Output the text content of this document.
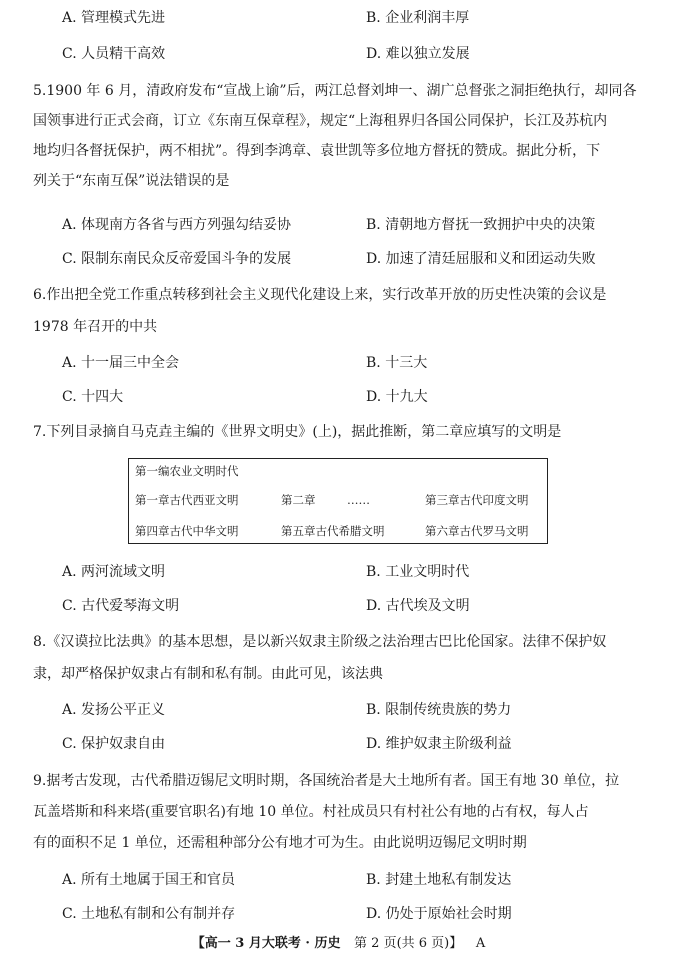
A. 管理模式先进	B. 企业利润丰厚
C. 人员精干高效	D. 难以独立发展
5.1900 年 6 月，清政府发布“宣战上谕”后，两江总督刘坤一、湖广总督张之洞拒绝执行，却同各
国领事进行正式会商，订立《东南互保章程》，规定“上海租界归各国公同保护，长江及苏杭内
地均归各督抚保护，两不相扰”。得到李鸿章、袁世凯等多位地方督抚的赞成。据此分析，下
列关于“东南互保”说法错误的是
A. 体现南方各省与西方列强勾结妥协	B. 清朝地方督抚一致拥护中央的决策
C. 限制东南民众反帝爱国斗争的发展	D. 加速了清廷屈服和义和团运动失败
6.作出把全党工作重点转移到社会主义现代化建设上来，实行改革开放的历史性决策的会议是
1978 年召开的中共
A. 十一届三中全会	B. 十三大
C. 十四大	D. 十九大
7.下列目录摘自马克垚主编的《世界文明史》(上)，据此推断，第二章应填写的文明是
第一编农业文明时代
第一章古代西亚文明	第二章	……	第三章古代印度文明
第四章古代中华文明	第五章古代希腊文明	第六章古代罗马文明
A. 两河流域文明	B. 工业文明时代
C. 古代爱琴海文明	D. 古代埃及文明
8.《汉谟拉比法典》的基本思想，是以新兴奴隶主阶级之法治理古巴比伦国家。法律不保护奴
隶，却严格保护奴隶占有制和私有制。由此可见，该法典
A. 发扬公平正义	B. 限制传统贵族的势力
C. 保护奴隶自由	D. 维护奴隶主阶级利益
9.据考古发现，古代希腊迈锡尼文明时期，各国统治者是大土地所有者。国王有地 30 单位，拉
瓦盖塔斯和科来塔(重要官职名)有地 10 单位。村社成员只有村社公有地的占有权，每人占
有的面积不足 1 单位，还需租种部分公有地才可为生。由此说明迈锡尼文明时期
A. 所有土地属于国王和官员	B. 封建土地私有制发达
C. 土地私有制和公有制并存	D. 仍处于原始社会时期
【高一 3 月大联考 · 历史 第 2 页(共 6 页)】 A
